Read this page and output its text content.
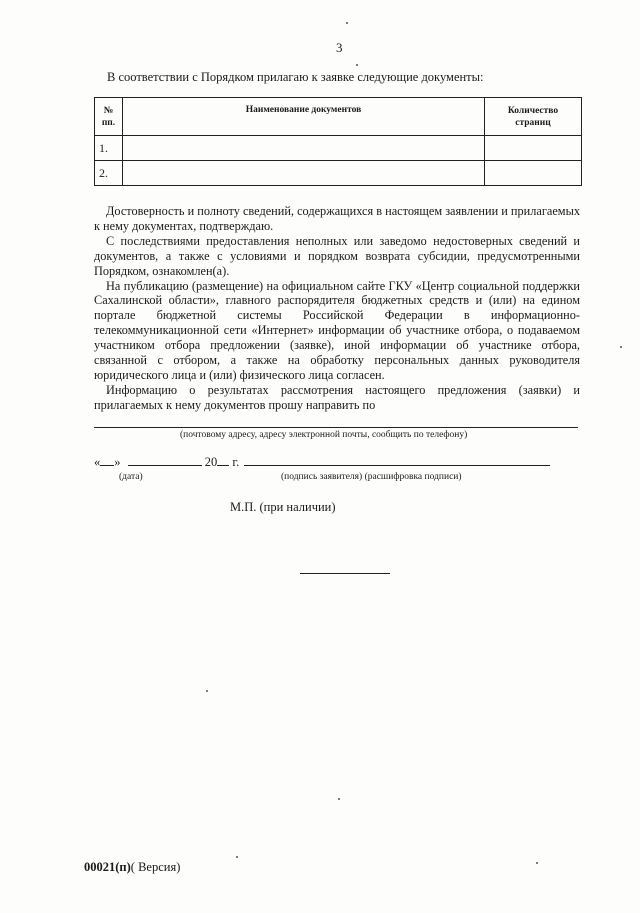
3
В соответствии с Порядком прилагаю к заявке следующие документы:
№ пп.	Наименование документов	Количество страниц
1.		
2.		

Достоверность и полноту сведений, содержащихся в настоящем заявлении и прилагаемых к нему документах, подтверждаю.

С последствиями предоставления неполных или заведомо недостоверных сведений и документов, а также с условиями и порядком возврата субсидии, предусмотренными Порядком, ознакомлен(а).

На публикацию (размещение) на официальном сайте ГКУ «Центр социальной поддержки Сахалинской области», главного распорядителя бюджетных средств и (или) на едином портале бюджетной системы Российской Федерации в информационно-телекоммуникационной сети «Интернет» информации об участнике отбора, о подаваемом участником отбора предложении (заявке), иной информации об участнике отбора, связанной с отбором, а также на обработку персональных данных руководителя юридического лица и (или) физического лица согласен.

Информацию о результатах рассмотрения настоящего предложения (заявки) и прилагаемых к нему документов прошу направить по

(почтовому адресу, адресу электронной почты, сообщить по телефону)
« »	20 г.
(дата)	(подпись заявителя) (расшифровка подписи)
М.П. (при наличии)
00021(п)( Версия)
